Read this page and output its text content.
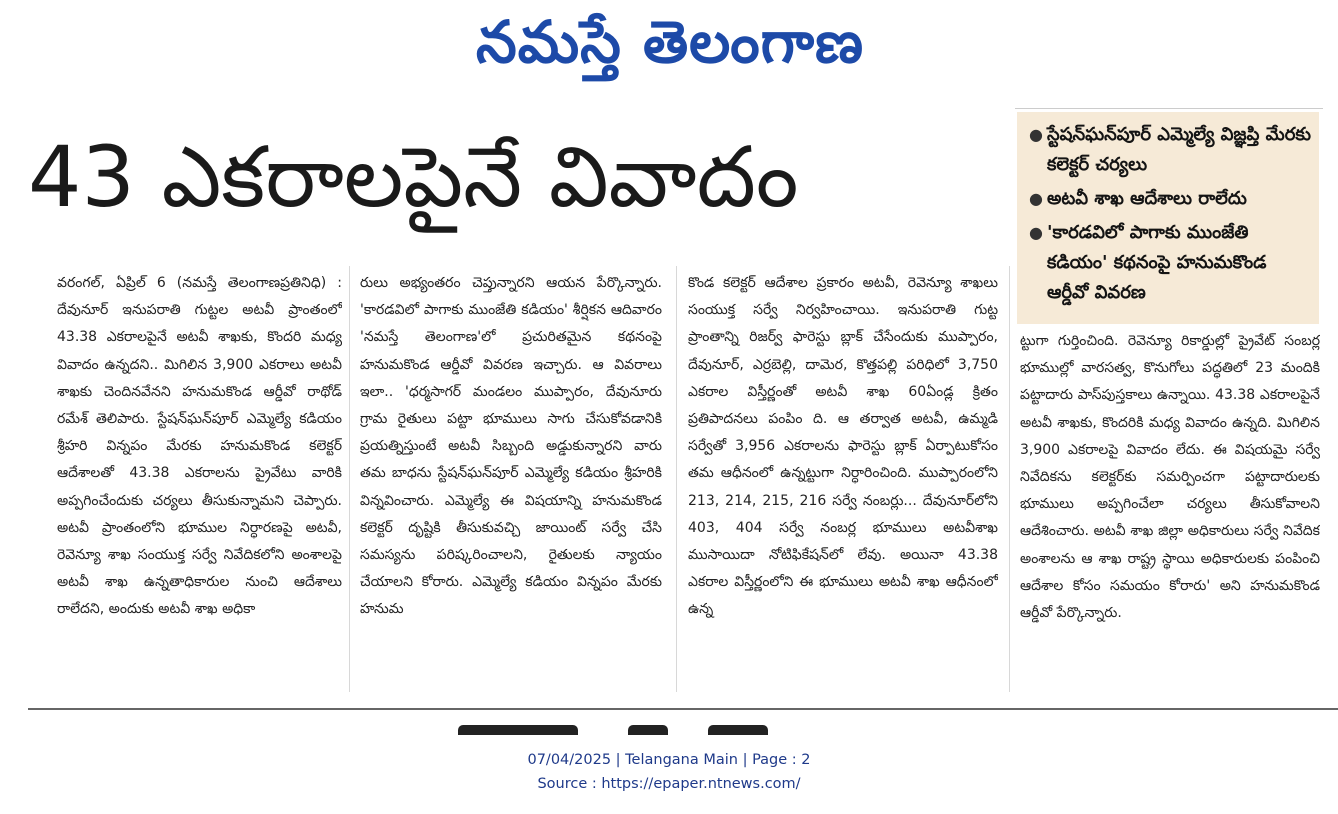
నమస్తే తెలంగాణ
43 ఎకరాలపైనే వివాదం	● స్టేషన్‌ఘన్‌పూర్ ఎమ్మెల్యే విజ్ఞప్తి మేరకు కలెక్టర్ చర్యలు
● అటవీ శాఖ ఆదేశాలు రాలేదు
● 'కారడవిలో పాగాకు ముంజేతి కడియం' కథనంపై హనుమకొండ ఆర్డీవో వివరణ
వరంగల్, ఏప్రిల్ 6 (నమస్తే తెలంగాణప్రతినిధి) : దేవునూర్ ఇనుపరాతి గుట్టల అటవీ ప్రాంతంలో 43.38 ఎకరాలపైనే అటవీ శాఖకు, కొందరి మధ్య వివాదం ఉన్నదని.. మిగిలిన 3,900 ఎకరాలు అటవీ శాఖకు చెందినవేనని హనుమకొండ ఆర్డీవో రాథోడ్ రమేశ్ తెలిపారు. స్టేషన్‌ఘన్‌పూర్ ఎమ్మెల్యే కడియం శ్రీహరి విన్నపం మేరకు హనుమకొండ కలెక్టర్ ఆదేశాలతో 43.38 ఎకరాలను ప్రైవేటు వారికి అప్పగించేందుకు చర్యలు తీసుకున్నామని చెప్పారు. అటవీ ప్రాంతంలోని భూముల నిర్ధారణపై అటవీ, రెవెన్యూ శాఖ సంయుక్త సర్వే నివేదికలోని అంశాలపై అటవీ శాఖ ఉన్నతాధికారుల నుంచి ఆదేశాలు రాలేదని, అందుకు అటవీ శాఖ అధికా
రులు అభ్యంతరం చెప్తున్నారని ఆయన పేర్కొన్నారు. 'కారడవిలో పాగాకు ముంజేతి కడియం' శీర్షికన ఆదివారం 'నమస్తే తెలంగాణ'లో ప్రచురితమైన కథనంపై హనుమకొండ ఆర్డీవో వివరణ ఇచ్చారు. ఆ వివరాలు ఇలా.. 'ధర్మసాగర్ మండలం ముప్పారం, దేవునూరు గ్రామ రైతులు పట్టా భూములు సాగు చేసుకోవడానికి ప్రయత్నిస్తుంటే అటవీ సిబ్బంది అడ్డుకున్నారని వారు తమ బాధను స్టేషన్‌ఘన్‌పూర్ ఎమ్మెల్యే కడియం శ్రీహరికి విన్నవించారు. ఎమ్మెల్యే ఈ విషయాన్ని హనుమకొండ కలెక్టర్ దృష్టికి తీసుకువచ్చి జాయింట్ సర్వే చేసి సమస్యను పరిష్కరించాలని, రైతులకు న్యాయం చేయాలని కోరారు. ఎమ్మెల్యే కడియం విన్నపం మేరకు హనుమ
కొండ కలెక్టర్ ఆదేశాల ప్రకారం అటవీ, రెవెన్యూ శాఖలు సంయుక్త సర్వే నిర్వహించాయి. ఇనుపరాతి గుట్ట ప్రాంతాన్ని రిజర్వ్ ఫారెస్టు బ్లాక్ చేసేందుకు ముప్పారం, దేవునూర్, ఎర్రబెల్లి, దామెర, కొత్తపల్లి పరిధిలో 3,750 ఎకరాల విస్తీర్ణంతో అటవీ శాఖ 60ఏండ్ల క్రితం ప్రతిపాదనలు పంపిం ది. ఆ తర్వాత అటవీ, ఉమ్మడి సర్వేతో 3,956 ఎకరాలను ఫారెస్టు బ్లాక్ ఏర్పాటుకోసం తమ ఆధీనంలో ఉన్నట్టుగా నిర్ధారించింది. ముప్పారంలోని 213, 214, 215, 216 సర్వే నంబర్లు... దేవునూర్‌లోని 403, 404 సర్వే నంబర్ల భూములు అటవీశాఖ ముసాయిదా నోటిఫికేషన్‌లో లేవు. అయినా 43.38 ఎకరాల విస్తీర్ణంలోని ఈ భూములు అటవీ శాఖ ఆధీనంలో ఉన్న
ట్టుగా గుర్తించింది. రెవెన్యూ రికార్డుల్లో ప్రైవేట్ సంబర్ల భూముల్లో వారసత్వ, కొనుగోలు పద్ధతిలో 23 మందికి పట్టాదారు పాస్‌పుస్తకాలు ఉన్నాయి. 43.38 ఎకరాలపైనే అటవీ శాఖకు, కొందరికి మధ్య వివాదం ఉన్నది. మిగిలిన 3,900 ఎకరాలపై వివాదం లేదు. ఈ విషయమై సర్వే నివేదికను కలెక్టర్‌కు సమర్పించగా పట్టాదారులకు భూములు అప్పగించేలా చర్యలు తీసుకోవాలని ఆదేశించారు. అటవీ శాఖ జిల్లా అధికారులు సర్వే నివేదిక అంశాలను ఆ శాఖ రాష్ట్ర స్థాయి అధికారులకు పంపించి ఆదేశాల కోసం సమయం కోరారు' అని హనుమకొండ ఆర్డీవో పేర్కొన్నారు.
07/04/2025 | Telangana Main | Page : 2
Source : https://epaper.ntnews.com/
